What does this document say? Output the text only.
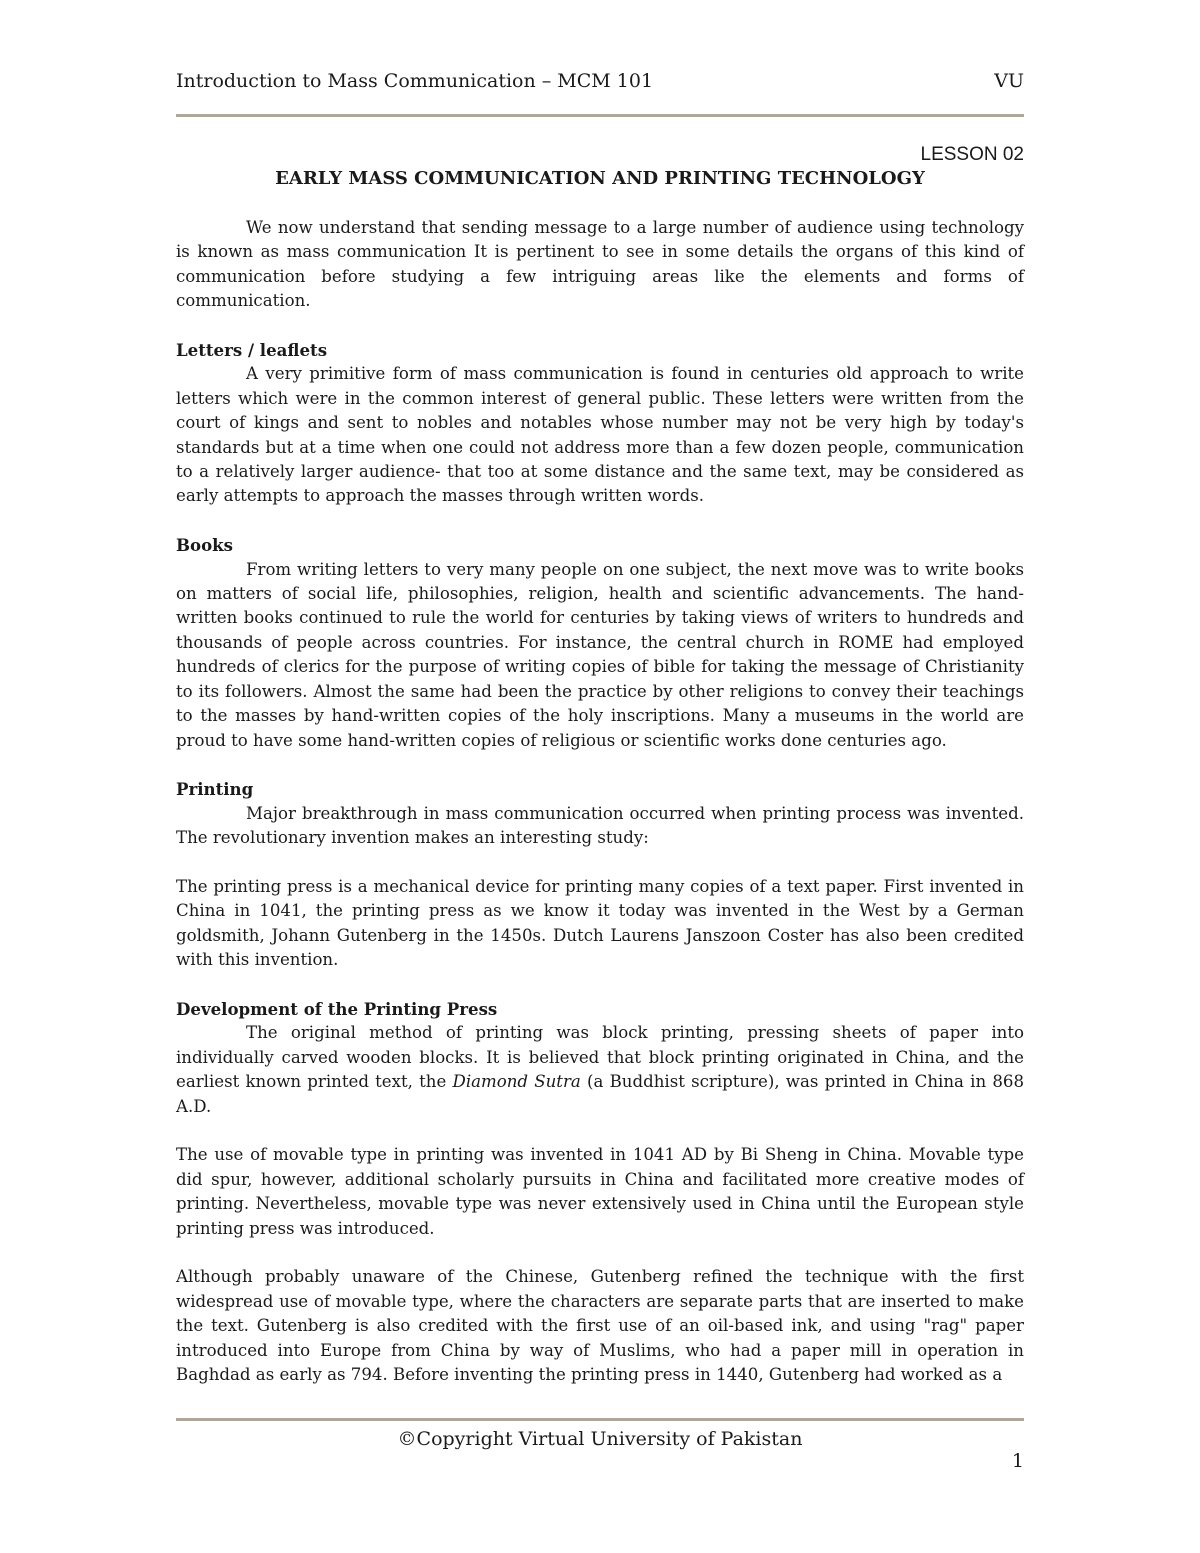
Introduction to Mass Communication – MCM 101	VU
LESSON 02
EARLY MASS COMMUNICATION AND PRINTING TECHNOLOGY

We now understand that sending message to a large number of audience using technology is known as mass communication It is pertinent to see in some details the organs of this kind of communication before studying a few intriguing areas like the elements and forms of communication.

Letters / leaflets

A very primitive form of mass communication is found in centuries old approach to write letters which were in the common interest of general public. These letters were written from the court of kings and sent to nobles and notables whose number may not be very high by today's standards but at a time when one could not address more than a few dozen people, communication to a relatively larger audience- that too at some distance and the same text, may be considered as early attempts to approach the masses through written words.

Books

From writing letters to very many people on one subject, the next move was to write books on matters of social life, philosophies, religion, health and scientific advancements. The hand-written books continued to rule the world for centuries by taking views of writers to hundreds and thousands of people across countries. For instance, the central church in ROME had employed hundreds of clerics for the purpose of writing copies of bible for taking the message of Christianity to its followers. Almost the same had been the practice by other religions to convey their teachings to the masses by hand-written copies of the holy inscriptions. Many a museums in the world are proud to have some hand-written copies of religious or scientific works done centuries ago.

Printing

Major breakthrough in mass communication occurred when printing process was invented. The revolutionary invention makes an interesting study:

The printing press is a mechanical device for printing many copies of a text paper. First invented in China in 1041, the printing press as we know it today was invented in the West by a German goldsmith, Johann Gutenberg in the 1450s. Dutch Laurens Janszoon Coster has also been credited with this invention.

Development of the Printing Press

The original method of printing was block printing, pressing sheets of paper into individually carved wooden blocks. It is believed that block printing originated in China, and the earliest known printed text, the Diamond Sutra (a Buddhist scripture), was printed in China in 868 A.D.

The use of movable type in printing was invented in 1041 AD by Bi Sheng in China. Movable type did spur, however, additional scholarly pursuits in China and facilitated more creative modes of printing. Nevertheless, movable type was never extensively used in China until the European style printing press was introduced.

Although probably unaware of the Chinese, Gutenberg refined the technique with the first widespread use of movable type, where the characters are separate parts that are inserted to make the text. Gutenberg is also credited with the first use of an oil-based ink, and using "rag" paper introduced into Europe from China by way of Muslims, who had a paper mill in operation in Baghdad as early as 794. Before inventing the printing press in 1440, Gutenberg had worked as a

©Copyright Virtual University of Pakistan
1
